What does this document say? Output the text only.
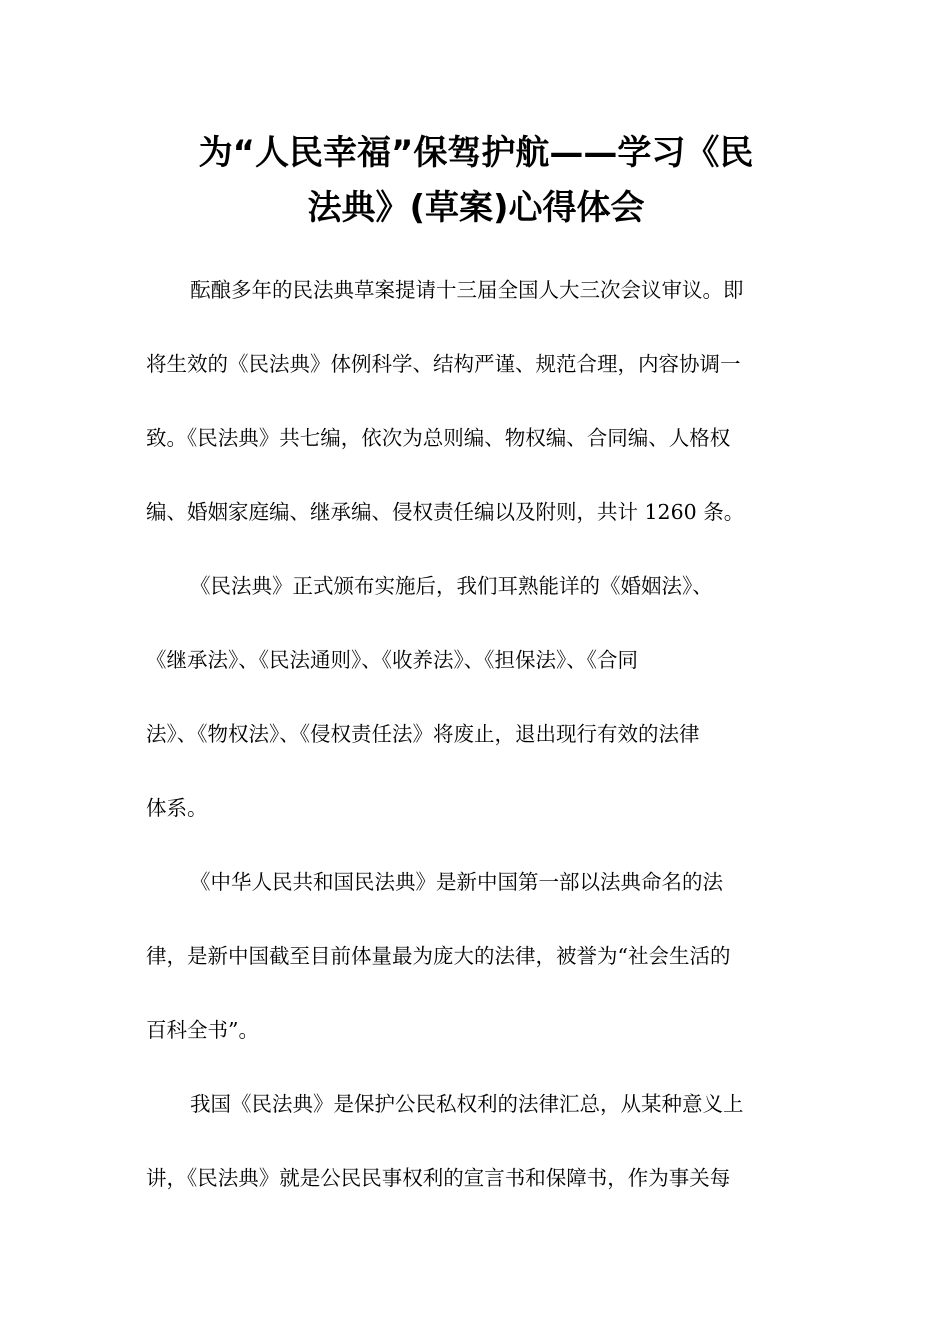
为“人民幸福”保驾护航——学习《民
法典》(草案)心得体会

酝酿多年的民法典草案提请十三届全国人大三次会议审议。即
将生效的《民法典》体例科学、结构严谨、规范合理，内容协调一
致。《民法典》共七编，依次为总则编、物权编、合同编、人格权
编、婚姻家庭编、继承编、侵权责任编以及附则，共计 1260 条。

《民法典》正式颁布实施后，我们耳熟能详的《婚姻法》、
《继承法》、《民法通则》、《收养法》、《担保法》、《合同
法》、《物权法》、《侵权责任法》将废止，退出现行有效的法律
体系。

《中华人民共和国民法典》是新中国第一部以法典命名的法
律，是新中国截至目前体量最为庞大的法律，被誉为“社会生活的
百科全书”。

我国《民法典》是保护公民私权利的法律汇总，从某种意义上
讲，《民法典》就是公民民事权利的宣言书和保障书，作为事关每
